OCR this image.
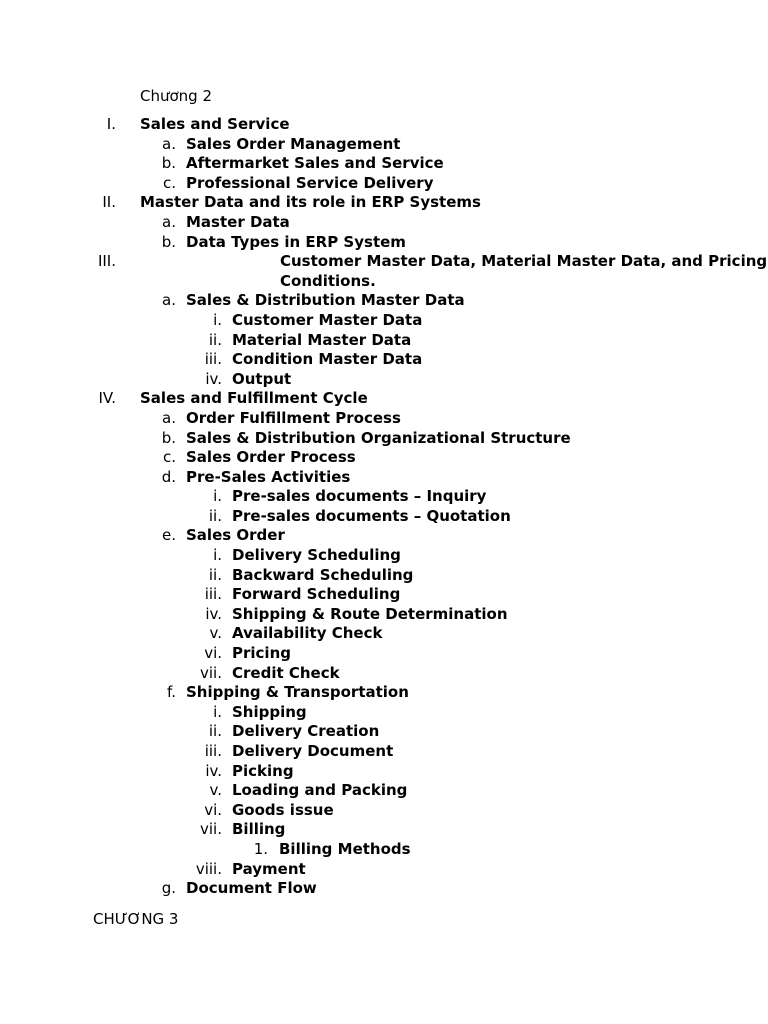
Chương 2
I. Sales and Service
a. Sales Order Management
b. Aftermarket Sales and Service
c. Professional Service Delivery
II. Master Data and its role in ERP Systems
a. Master Data
b. Data Types in ERP System
III.	Customer Master Data, Material Master Data, and Pricing Conditions.
a. Sales & Distribution Master Data
i. Customer Master Data
ii. Material Master Data
iii. Condition Master Data
iv. Output
IV. Sales and Fulfillment Cycle
a. Order Fulfillment Process
b. Sales & Distribution Organizational Structure
c. Sales Order Process
d. Pre-Sales Activities
i. Pre-sales documents – Inquiry
ii. Pre-sales documents – Quotation
e. Sales Order
i. Delivery Scheduling
ii. Backward Scheduling
iii. Forward Scheduling
iv. Shipping & Route Determination
v. Availability Check
vi. Pricing
vii. Credit Check
f. Shipping & Transportation
i. Shipping
ii. Delivery Creation
iii. Delivery Document
iv. Picking
v. Loading and Packing
vi. Goods issue
vii. Billing
1. Billing Methods
viii. Payment
g. Document Flow
CHƯƠNG 3
